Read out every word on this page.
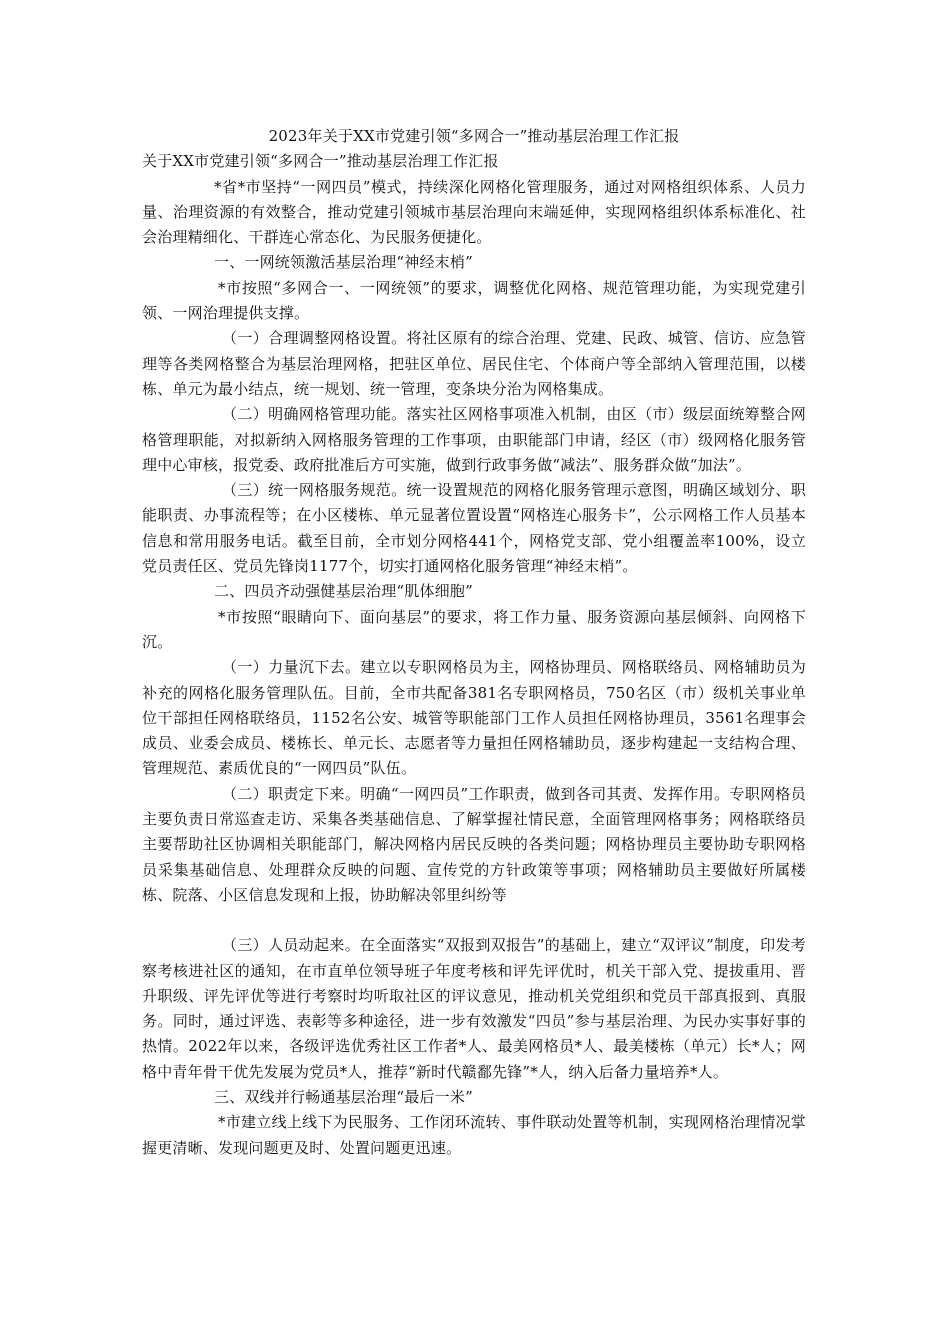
2023年关于XX市党建引领“多网合一”推动基层治理工作汇报

关于XX市党建引领“多网合一”推动基层治理工作汇报

*省*市坚持“一网四员”模式，持续深化网格化管理服务，通过对网格组织体系、人员力量、治理资源的有效整合，推动党建引领城市基层治理向末端延伸，实现网格组织体系标准化、社会治理精细化、干群连心常态化、为民服务便捷化。

一、一网统领激活基层治理“神经末梢”

*市按照“多网合一、一网统领”的要求，调整优化网格、规范管理功能，为实现党建引领、一网治理提供支撑。

（一）合理调整网格设置。将社区原有的综合治理、党建、民政、城管、信访、应急管理等各类网格整合为基层治理网格，把驻区单位、居民住宅、个体商户等全部纳入管理范围，以楼栋、单元为最小结点，统一规划、统一管理，变条块分治为网格集成。

（二）明确网格管理功能。落实社区网格事项准入机制，由区（市）级层面统筹整合网格管理职能，对拟新纳入网格服务管理的工作事项，由职能部门申请，经区（市）级网格化服务管理中心审核，报党委、政府批准后方可实施，做到行政事务做“减法”、服务群众做“加法”。

（三）统一网格服务规范。统一设置规范的网格化服务管理示意图，明确区域划分、职能职责、办事流程等；在小区楼栋、单元显著位置设置“网格连心服务卡”，公示网格工作人员基本信息和常用服务电话。截至目前，全市划分网格441个，网格党支部、党小组覆盖率100%，设立党员责任区、党员先锋岗1177个，切实打通网格化服务管理“神经末梢”。

二、四员齐动强健基层治理“肌体细胞”

*市按照“眼睛向下、面向基层”的要求，将工作力量、服务资源向基层倾斜、向网格下沉。

（一）力量沉下去。建立以专职网格员为主，网格协理员、网格联络员、网格辅助员为补充的网格化服务管理队伍。目前，全市共配备381名专职网格员，750名区（市）级机关事业单位干部担任网格联络员，1152名公安、城管等职能部门工作人员担任网格协理员，3561名理事会成员、业委会成员、楼栋长、单元长、志愿者等力量担任网格辅助员，逐步构建起一支结构合理、管理规范、素质优良的“一网四员”队伍。

（二）职责定下来。明确“一网四员”工作职责，做到各司其责、发挥作用。专职网格员主要负责日常巡查走访、采集各类基础信息、了解掌握社情民意，全面管理网格事务；网格联络员主要帮助社区协调相关职能部门，解决网格内居民反映的各类问题；网格协理员主要协助专职网格员采集基础信息、处理群众反映的问题、宣传党的方针政策等事项；网格辅助员主要做好所属楼栋、院落、小区信息发现和上报，协助解决邻里纠纷等

（三）人员动起来。在全面落实“双报到双报告”的基础上，建立“双评议”制度，印发考察考核进社区的通知，在市直单位领导班子年度考核和评先评优时，机关干部入党、提拔重用、晋升职级、评先评优等进行考察时均听取社区的评议意见，推动机关党组织和党员干部真报到、真服务。同时，通过评选、表彰等多种途径，进一步有效激发“四员”参与基层治理、为民办实事好事的热情。2022年以来，各级评选优秀社区工作者*人、最美网格员*人、最美楼栋（单元）长*人；网格中青年骨干优先发展为党员*人，推荐“新时代赣鄱先锋”*人，纳入后备力量培养*人。

三、双线并行畅通基层治理“最后一米”

*市建立线上线下为民服务、工作闭环流转、事件联动处置等机制，实现网格治理情况掌握更清晰、发现问题更及时、处置问题更迅速。
